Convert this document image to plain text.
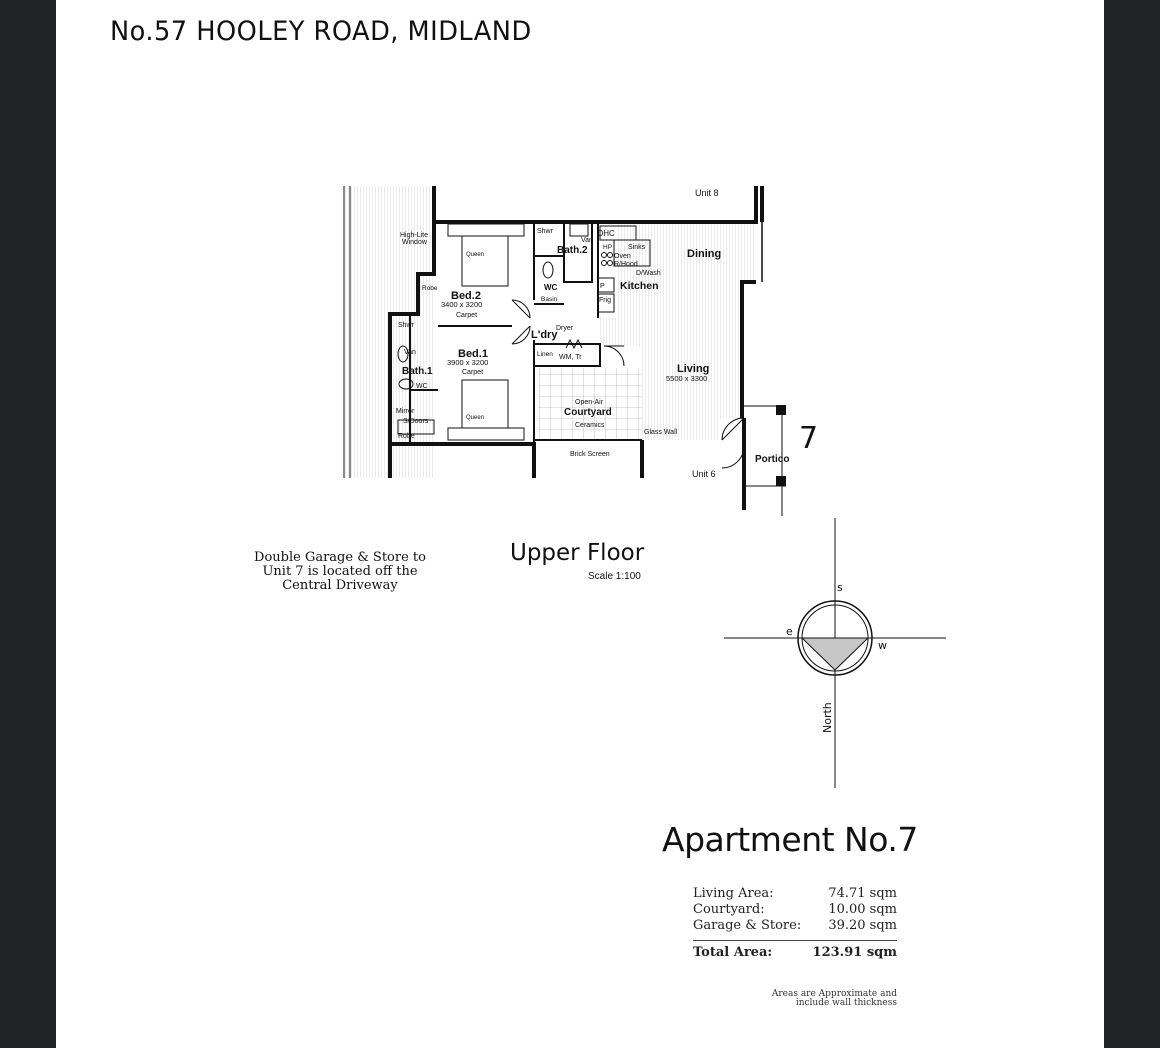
No.57 HOOLEY ROAD, MIDLAND
Unit 8
Unit 6
7
High-Lite
Window
Queen
Bed.2
3400 x 3200
Carpet
Robe
Shwr
Van
Bath.2
WC
Basin
OHC
HP Sinks
Oven
R/Hood
D/Wash
P
Frig
Kitchen
Dining
L'dry
Dryer
Linen WM, Tr
Living
5500 x 3300
Shwr
Van
Bath.1
WC
Mirror
S/Doors
Robe
Bed.1
3900 x 3200
Carpet
Queen
Open-Air
Courtyard
Ceramics
Glass Wall
Brick Screen	Portico
Double Garage & Store to Unit 7 is located off the Central Driveway
Upper Floor
Scale 1:100
s
e
w
North
Apartment No.7
Living Area:	74.71 sqm
Courtyard:	10.00 sqm
Garage & Store: 39.20 sqm
Total Area:	123.91 sqm
Areas are Approximate and include wall thickness
